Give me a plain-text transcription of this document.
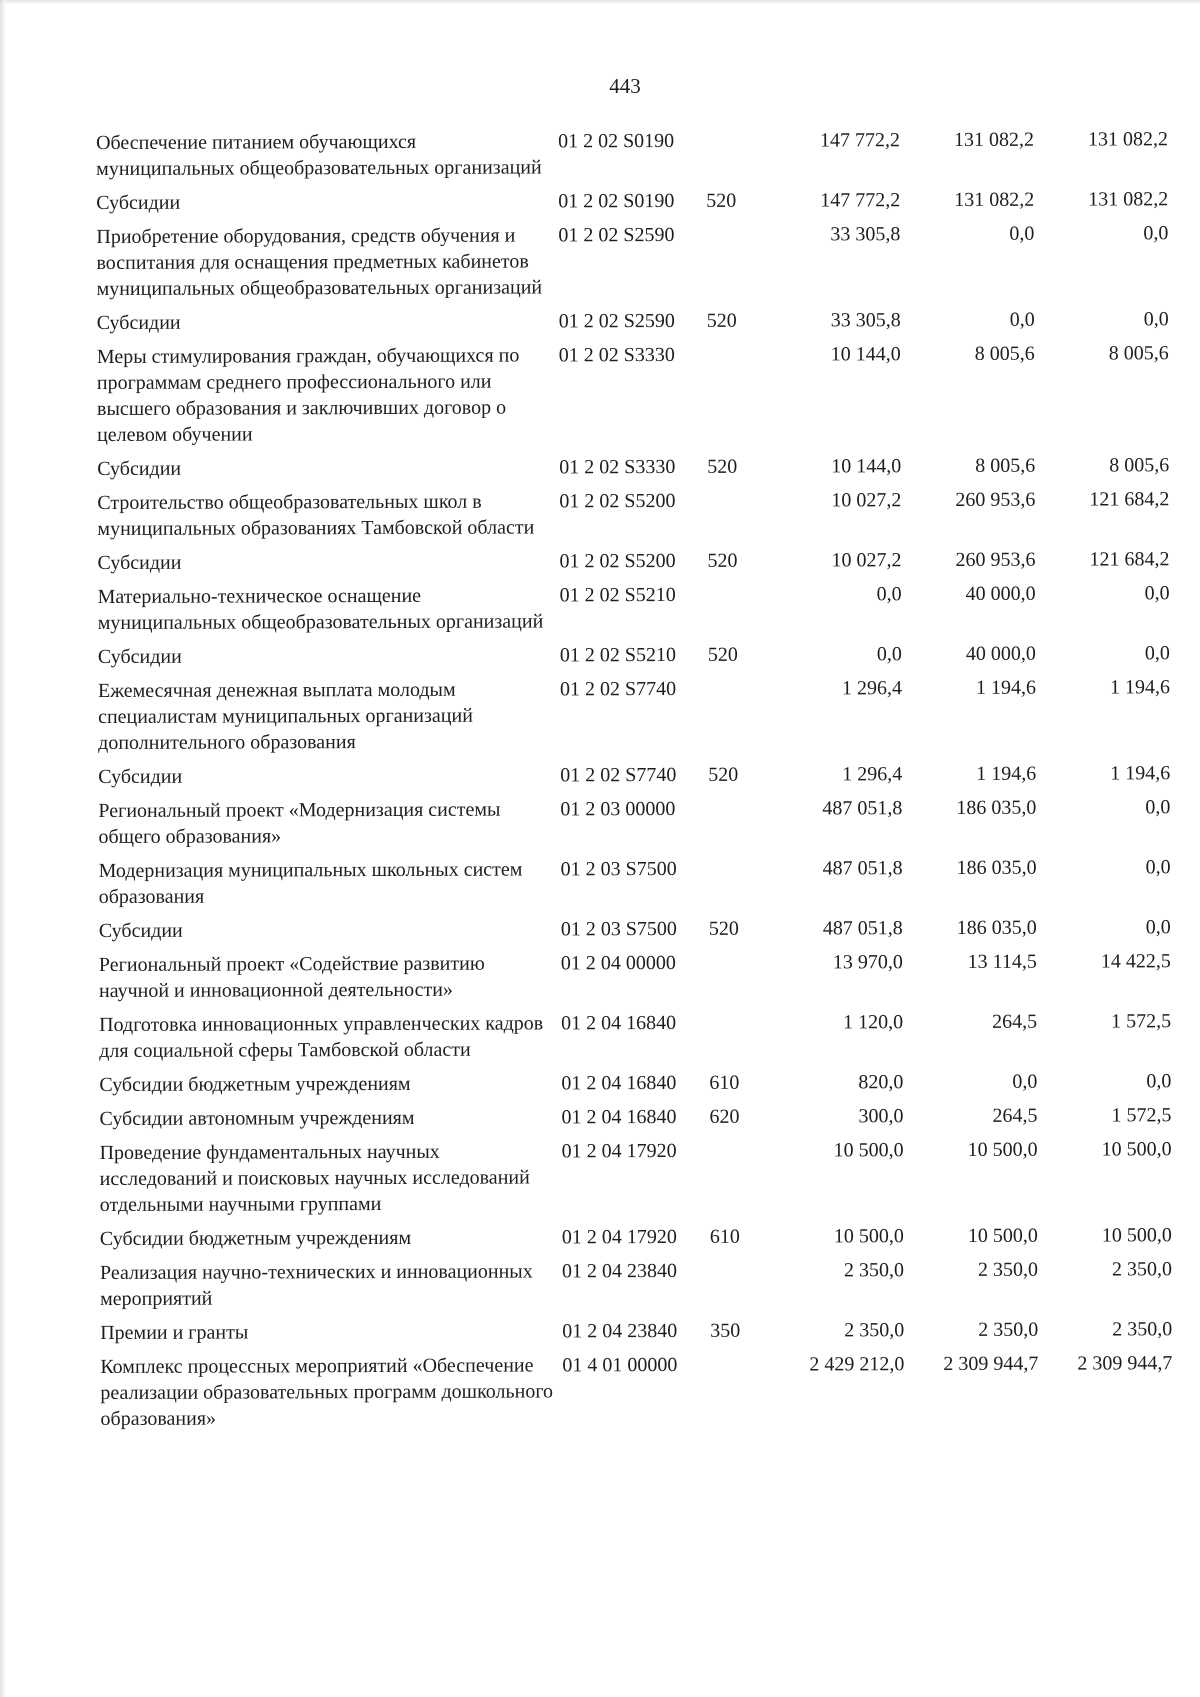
443
Обеспечение питанием обучающихся муниципальных общеобразовательных организаций	01 2 02 S0190		147 772,2	131 082,2	131 082,2
Субсидии	01 2 02 S0190	520	147 772,2	131 082,2	131 082,2
Приобретение оборудования, средств обучения и воспитания для оснащения предметных кабинетов муниципальных общеобразовательных организаций	01 2 02 S2590		33 305,8	0,0	0,0
Субсидии	01 2 02 S2590	520	33 305,8	0,0	0,0
Меры стимулирования граждан, обучающихся по программам среднего профессионального или высшего образования и заключивших договор о целевом обучении	01 2 02 S3330		10 144,0	8 005,6	8 005,6
Субсидии	01 2 02 S3330	520	10 144,0	8 005,6	8 005,6
Строительство общеобразовательных школ в муниципальных образованиях Тамбовской области	01 2 02 S5200		10 027,2	260 953,6	121 684,2
Субсидии	01 2 02 S5200	520	10 027,2	260 953,6	121 684,2
Материально-техническое оснащение муниципальных общеобразовательных организаций	01 2 02 S5210		0,0	40 000,0	0,0
Субсидии	01 2 02 S5210	520	0,0	40 000,0	0,0
Ежемесячная денежная выплата молодым специалистам муниципальных организаций дополнительного образования	01 2 02 S7740		1 296,4	1 194,6	1 194,6
Субсидии	01 2 02 S7740	520	1 296,4	1 194,6	1 194,6
Региональный проект «Модернизация системы общего образования»	01 2 03 00000		487 051,8	186 035,0	0,0
Модернизация муниципальных школьных систем образования	01 2 03 S7500		487 051,8	186 035,0	0,0
Субсидии	01 2 03 S7500	520	487 051,8	186 035,0	0,0
Региональный проект «Содействие развитию научной и инновационной деятельности»	01 2 04 00000		13 970,0	13 114,5	14 422,5
Подготовка инновационных управленческих кадров для социальной сферы Тамбовской области	01 2 04 16840		1 120,0	264,5	1 572,5
Субсидии бюджетным учреждениям	01 2 04 16840	610	820,0	0,0	0,0
Субсидии автономным учреждениям	01 2 04 16840	620	300,0	264,5	1 572,5
Проведение фундаментальных научных исследований и поисковых научных исследований отдельными научными группами	01 2 04 17920		10 500,0	10 500,0	10 500,0
Субсидии бюджетным учреждениям	01 2 04 17920	610	10 500,0	10 500,0	10 500,0
Реализация научно-технических и инновационных мероприятий	01 2 04 23840		2 350,0	2 350,0	2 350,0
Премии и гранты	01 2 04 23840	350	2 350,0	2 350,0	2 350,0
Комплекс процессных мероприятий «Обеспечение реализации образовательных программ дошкольного образования»	01 4 01 00000		2 429 212,0	2 309 944,7	2 309 944,7
